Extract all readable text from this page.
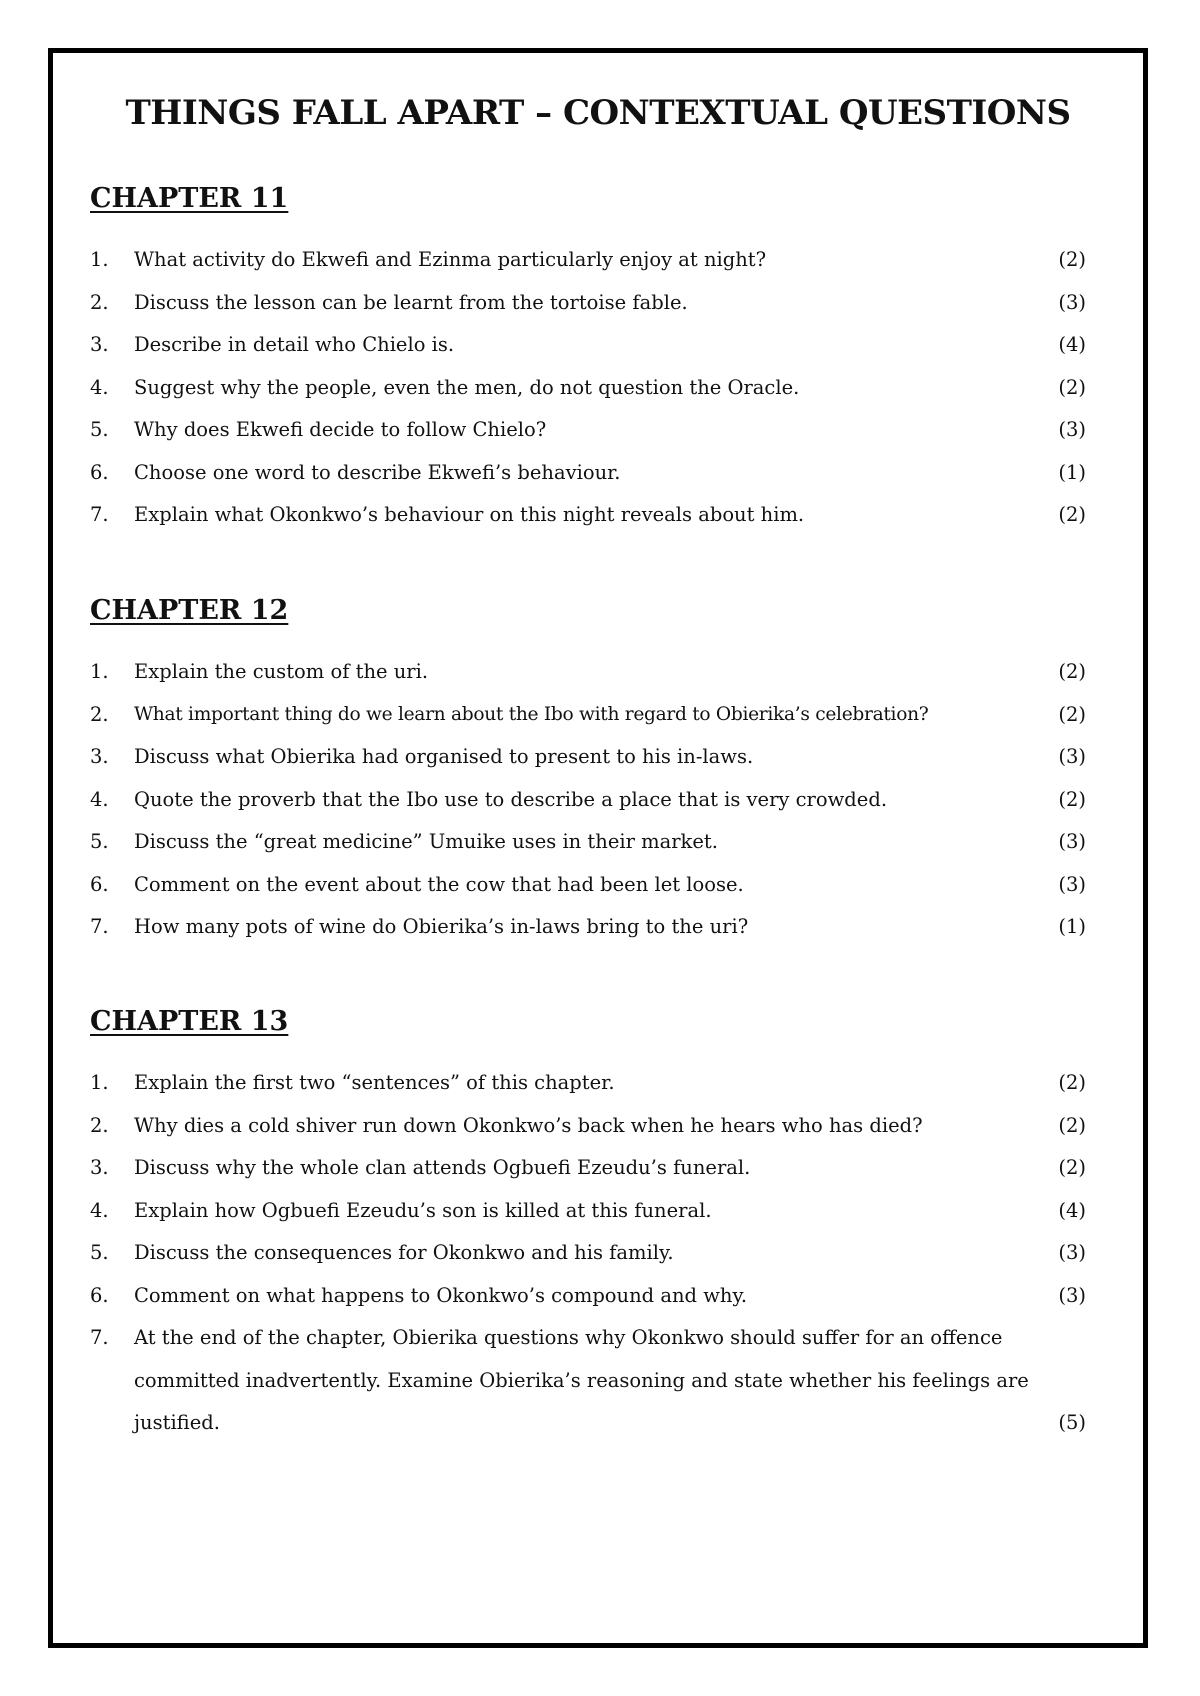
THINGS FALL APART – CONTEXTUAL QUESTIONS
CHAPTER 11
1. What activity do Ekwefi and Ezinma particularly enjoy at night?	(2)
2. Discuss the lesson can be learnt from the tortoise fable.	(3)
3. Describe in detail who Chielo is.	(4)
4. Suggest why the people, even the men, do not question the Oracle.	(2)
5. Why does Ekwefi decide to follow Chielo?	(3)
6. Choose one word to describe Ekwefi’s behaviour.	(1)
7. Explain what Okonkwo’s behaviour on this night reveals about him.	(2)
CHAPTER 12
1. Explain the custom of the uri.	(2)
2. What important thing do we learn about the Ibo with regard to Obierika’s celebration?	(2)
3. Discuss what Obierika had organised to present to his in-laws.	(3)
4. Quote the proverb that the Ibo use to describe a place that is very crowded.	(2)
5. Discuss the “great medicine” Umuike uses in their market.	(3)
6. Comment on the event about the cow that had been let loose.	(3)
7. How many pots of wine do Obierika’s in-laws bring to the uri?	(1)
CHAPTER 13
1. Explain the first two “sentences” of this chapter.	(2)
2. Why dies a cold shiver run down Okonkwo’s back when he hears who has died?	(2)
3. Discuss why the whole clan attends Ogbuefi Ezeudu’s funeral.	(2)
4. Explain how Ogbuefi Ezeudu’s son is killed at this funeral.	(4)
5. Discuss the consequences for Okonkwo and his family.	(3)
6. Comment on what happens to Okonkwo’s compound and why.	(3)
7. At the end of the chapter, Obierika questions why Okonkwo should suffer for an offence committed inadvertently. Examine Obierika’s reasoning and state whether his feelings are justified.	(5)
